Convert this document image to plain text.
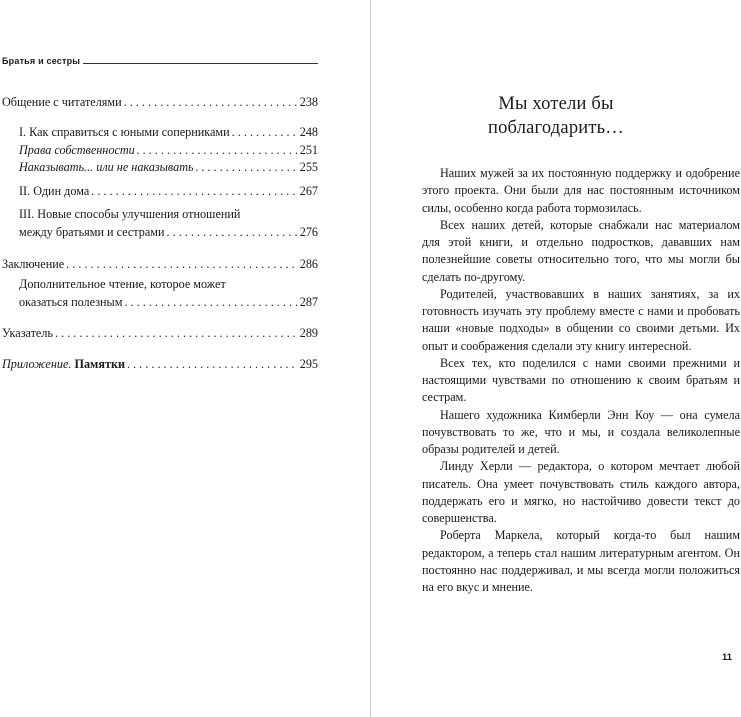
Братья и сестры
Общение с читателями . . .	238
I. Как справиться с юными соперниками . . .	248
Права собственности . . .	251
Наказывать... или не наказывать . . .	255
II. Один дома . . .	267
III. Новые способы улучшения отношений
между братьями и сестрами . . .	276
Заключение . . .	286
Дополнительное чтение, которое может
оказаться полезным . . .	287
Указатель . . .	289
Приложение. Памятки . . .	295
Мы хотели бы
поблагодарить…

Наших мужей за их постоянную поддержку и одобрение этого проекта. Они были для нас постоянным источником силы, особенно когда работа тормозилась.

Всех наших детей, которые снабжали нас материалом для этой книги, и отдельно подростков, дававших нам полезнейшие советы относительно того, что мы могли бы сделать по-другому.

Родителей, участвовавших в наших занятиях, за их готовность изучать эту проблему вместе с нами и пробовать наши «новые подходы» в общении со своими детьми. Их опыт и соображения сделали эту книгу интересной.

Всех тех, кто поделился с нами своими прежними и настоящими чувствами по отношению к своим братьям и сестрам.

Нашего художника Кимберли Энн Коу — она сумела почувствовать то же, что и мы, и создала великолепные образы родителей и детей.

Линду Херли — редактора, о котором мечтает любой писатель. Она умеет почувствовать стиль каждого автора, поддержать его и мягко, но настойчиво довести текст до совершенства.

Роберта Маркела, который когда-то был нашим редактором, а теперь стал нашим литературным агентом. Он постоянно нас поддерживал, и мы всегда могли положиться на его вкус и мнение.

11
